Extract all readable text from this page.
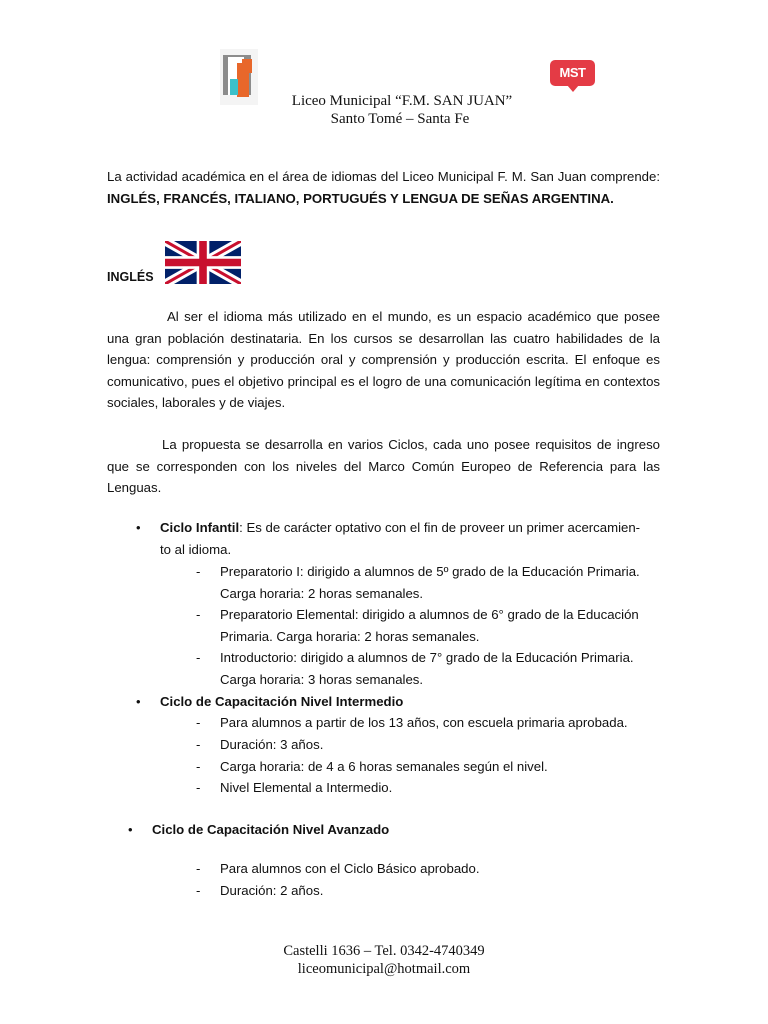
MST
Liceo Municipal “F.M. SAN JUAN”
Santo Tomé – Santa Fe
La actividad académica en el área de idiomas del Liceo Municipal F. M. San Juan comprende: INGLÉS, FRANCÉS, ITALIANO, PORTUGUÉS Y LENGUA DE SEÑAS ARGENTINA.
INGLÉS
Al ser el idioma más utilizado en el mundo, es un espacio académico que posee una gran población destinataria. En los cursos se desarrollan las cuatro habilidades de la lengua: comprensión y producción oral y comprensión y producción escrita. El enfoque es comunicativo, pues el objetivo principal es el logro de una comunicación legítima en contextos sociales, laborales y de viajes.
La propuesta se desarrolla en varios Ciclos, cada uno posee requisitos de ingreso que se corresponden con los niveles del Marco Común Europeo de Referencia para las Lenguas.
• Ciclo Infantil: Es de carácter optativo con el fin de proveer un primer acercamien-
to al idioma.
- Preparatorio I: dirigido a alumnos de 5º grado de la Educación Primaria.
Carga horaria: 2 horas semanales.
- Preparatorio Elemental: dirigido a alumnos de 6° grado de la Educación
Primaria. Carga horaria: 2 horas semanales.
- Introductorio: dirigido a alumnos de 7° grado de la Educación Primaria.
Carga horaria: 3 horas semanales.
• Ciclo de Capacitación Nivel Intermedio
- Para alumnos a partir de los 13 años, con escuela primaria aprobada.
- Duración: 3 años.
- Carga horaria: de 4 a 6 horas semanales según el nivel.
- Nivel Elemental a Intermedio.
• Ciclo de Capacitación Nivel Avanzado
- Para alumnos con el Ciclo Básico aprobado.
- Duración: 2 años.
Castelli 1636 – Tel. 0342-4740349
liceomunicipal@hotmail.com
